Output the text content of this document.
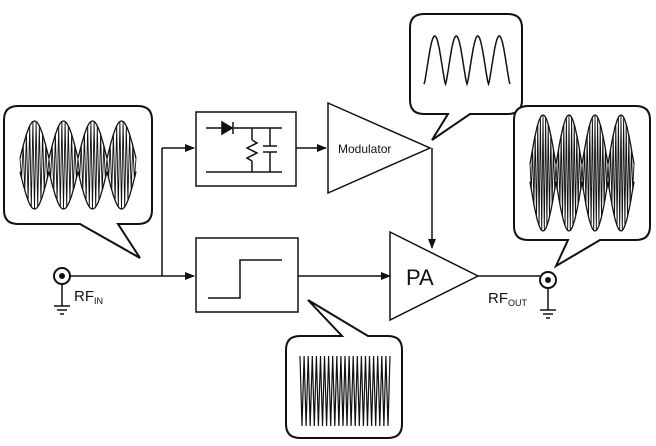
$RF_{IN}$
Modulator
PA
$RF_{OUT}$
